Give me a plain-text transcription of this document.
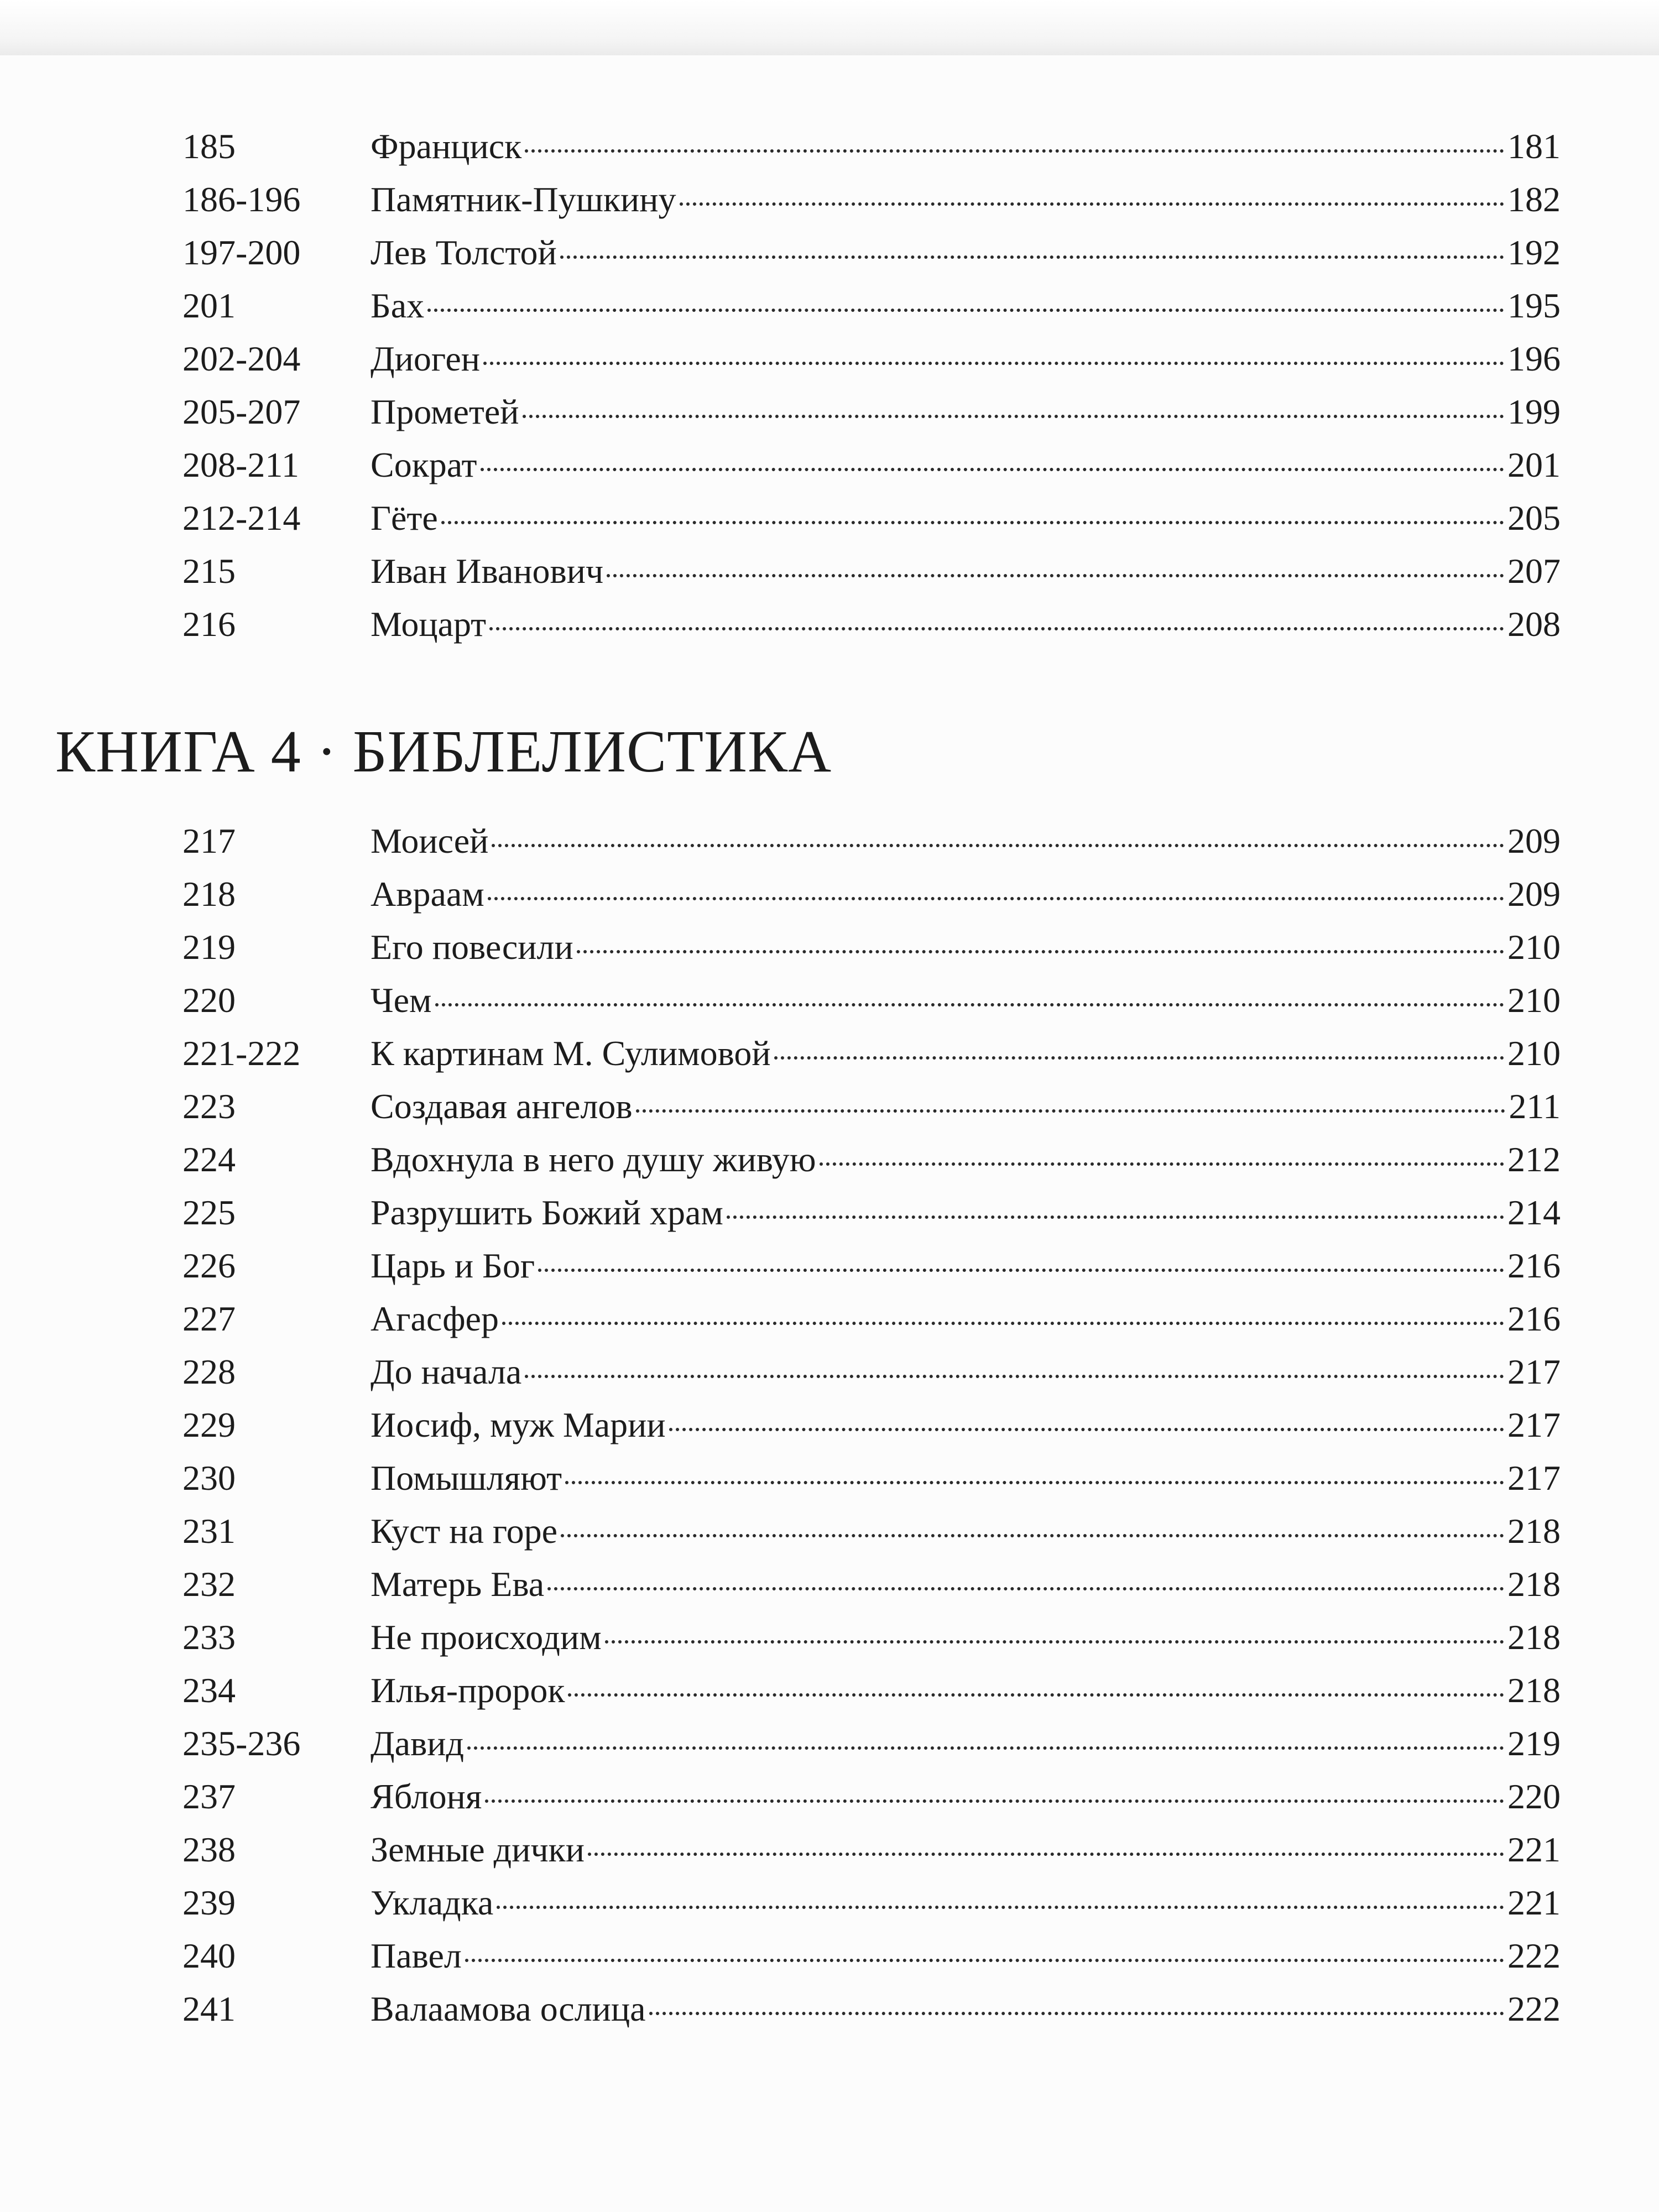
185	Франциск	181
186-196 Памятник-Пушкину	182
197-200 Лев Толстой	192
201	Бах	195
202-204 Диоген	196
205-207 Прометей	199
208-211 Сократ	201
212-214 Гёте	205
215	Иван Иванович	207
216	Моцарт	208
КНИГА 4 · БИБЛЕЛИСТИКА
217	Моисей	209
218	Авраам	209
219	Его повесили	210
220	Чем	210
221-222 К картинам М. Сулимовой	210
223	Создавая ангелов	211
224	Вдохнула в него душу живую	212
225	Разрушить Божий храм	214
226	Царь и Бог	216
227	Агасфер	216
228	До начала	217
229	Иосиф, муж Марии	217
230	Помышляют	217
231	Куст на горе	218
232	Матерь Ева	218
233	Не происходим	218
234	Илья-пророк	218
235-236 Давид	219
237	Яблоня	220
238	Земные дички	221
239	Укладка	221
240	Павел	222
241	Валаамова ослица	222
